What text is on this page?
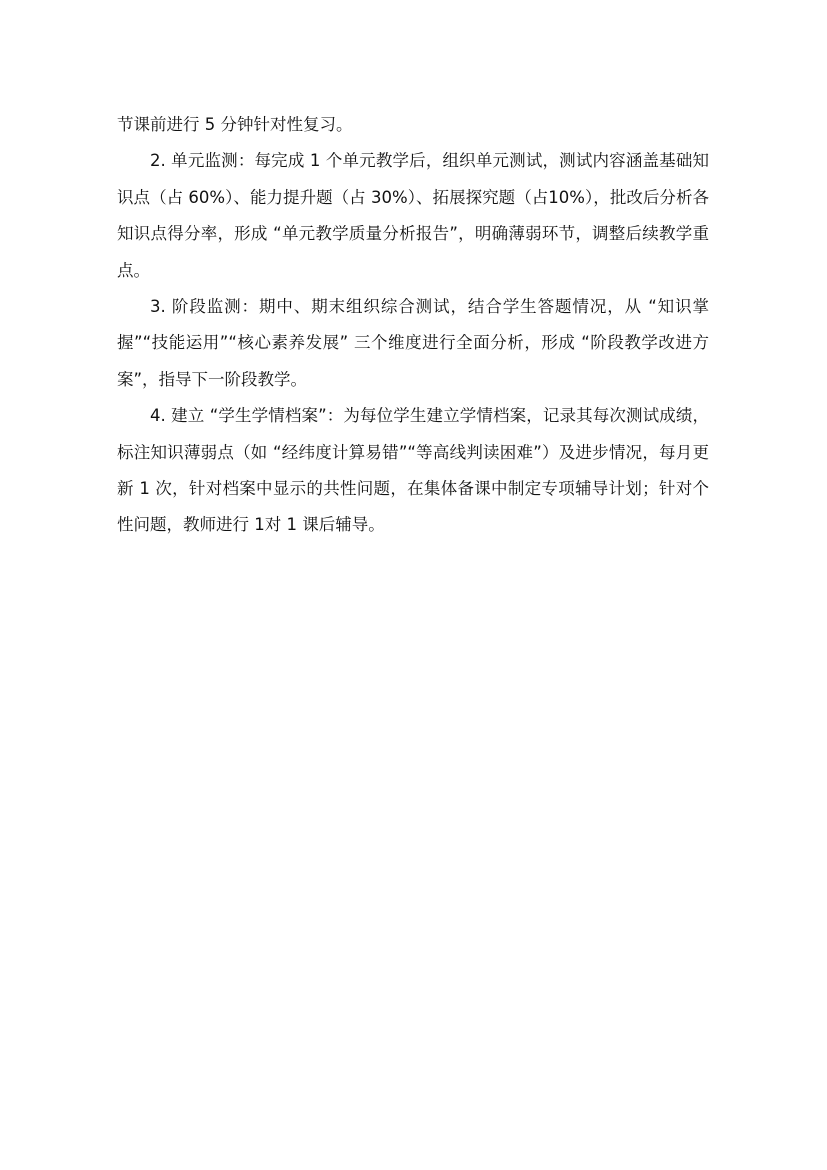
节课前进行 5 分钟针对性复习。

2. 单元监测：每完成 1 个单元教学后，组织单元测试，测试内容涵盖基础知识点（占 60%）、能力提升题（占 30%）、拓展探究题（占10%），批改后分析各知识点得分率，形成 “单元教学质量分析报告”，明确薄弱环节，调整后续教学重点。

3. 阶段监测：期中、期末组织综合测试，结合学生答题情况，从 “知识掌握”“技能运用”“核心素养发展” 三个维度进行全面分析，形成 “阶段教学改进方案”，指导下一阶段教学。

4. 建立 “学生学情档案”：为每位学生建立学情档案，记录其每次测试成绩，标注知识薄弱点（如 “经纬度计算易错”“等高线判读困难”）及进步情况，每月更新 1 次，针对档案中显示的共性问题，在集体备课中制定专项辅导计划；针对个性问题，教师进行 1对 1 课后辅导。
